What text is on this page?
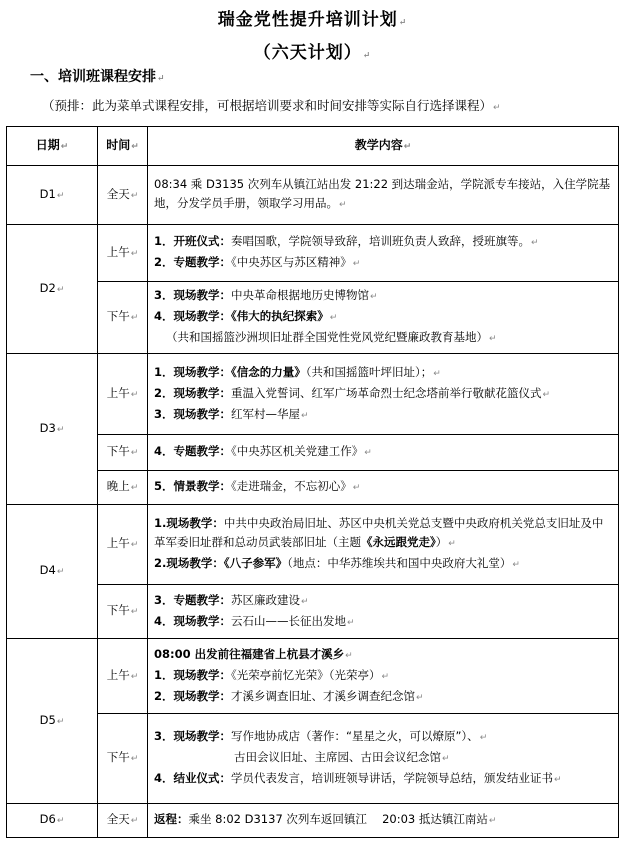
瑞金党性提升培训计划↵
（六天计划）↵
一、培训班课程安排↵
（预排：此为菜单式课程安排，可根据培训要求和时间安排等实际自行选择课程）↵
日期↵	时间↵	教学内容↵
D1↵	全天↵	08:34 乘 D3135 次列车从镇江站出发 21:22 到达瑞金站，学院派专车接站，入住学院基地，分发学员手册，领取学习用品。↵

D2↵	上午↵	1．开班仪式：奏唱国歌，学院领导致辞，培训班负责人致辞，授班旗等。↵
2．专题教学：《中央苏区与苏区精神》↵

	下午↵	3．现场教学：中央革命根据地历史博物馆↵
4．现场教学：《伟大的执纪探索》↵
（共和国摇篮沙洲坝旧址群全国党性党风党纪暨廉政教育基地）↵

D3↵	上午↵	1．现场教学：《信念的力量》（共和国摇篮叶坪旧址）；↵
2．现场教学：重温入党誓词、红军广场革命烈士纪念塔前举行敬献花篮仪式↵
3．现场教学：红军村—华屋↵

	下午↵	4．专题教学：《中央苏区机关党建工作》↵

	晚上↵	5．情景教学：《走进瑞金，不忘初心》↵

D4↵	上午↵	1.现场教学：中共中央政治局旧址、苏区中央机关党总支暨中央政府机关党总支旧址及中革军委旧址群和总动员武装部旧址（主题《永远跟党走》）↵
2.现场教学：《八子参军》（地点：中华苏维埃共和国中央政府大礼堂）↵

	下午↵	3．专题教学：苏区廉政建设↵
4．现场教学：云石山——长征出发地↵

D5↵	上午↵	08:00 出发前往福建省上杭县才溪乡↵
1．现场教学：《光荣亭前忆光荣》（光荣亭）↵
2．现场教学：才溪乡调查旧址、才溪乡调查纪念馆↵

	下午↵	3．现场教学：写作地协成店（著作：“星星之火，可以燎原”）、↵
古田会议旧址、主席园、古田会议纪念馆↵
4．结业仪式：学员代表发言，培训班领导讲话，学院领导总结，颁发结业证书↵

D6↵	全天↵	返程：乘坐 8:02 D3137 次列车返回镇江　 20:03 抵达镇江南站↵
